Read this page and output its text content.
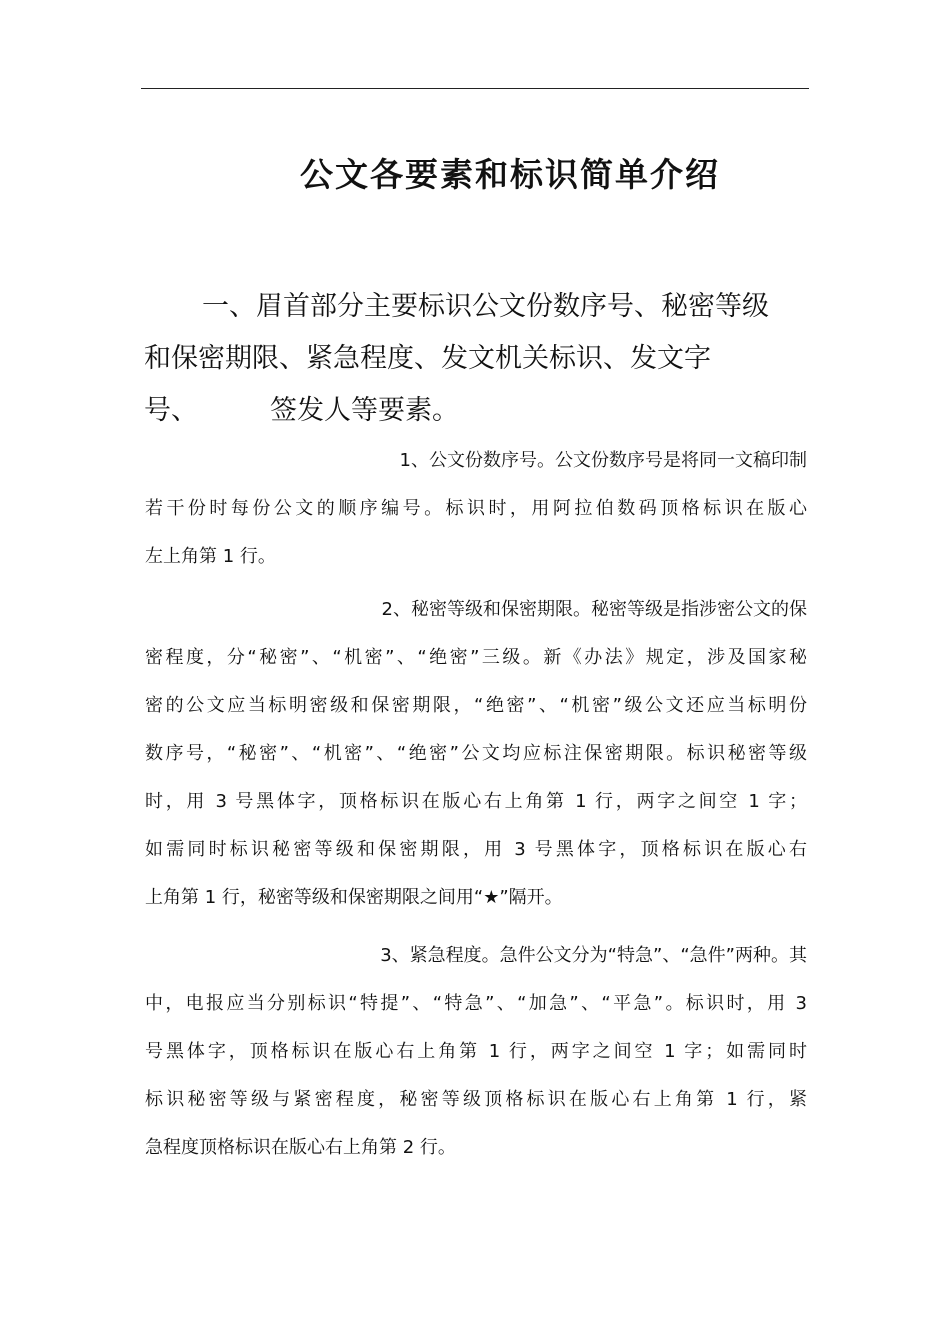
公文各要素和标识简单介绍
一、眉首部分主要标识公文份数序号、秘密等级
和保密期限、紧急程度、发文机关标识、发文字
号、	签发人等要素。
1、公文份数序号。公文份数序号是将同一文稿印制
若干份时每份公文的顺序编号。标识时，用阿拉伯数码顶格标识在版心
左上角第 1 行。
2、秘密等级和保密期限。秘密等级是指涉密公文的保
密程度，分“秘密”、“机密”、“绝密”三级。新《办法》规定，涉及国家秘
密的公文应当标明密级和保密期限，“绝密”、“机密”级公文还应当标明份
数序号，“秘密”、“机密”、“绝密”公文均应标注保密期限。标识秘密等级
时，用 3 号黑体字，顶格标识在版心右上角第 1 行，两字之间空 1 字；
如需同时标识秘密等级和保密期限，用 3 号黑体字，顶格标识在版心右
上角第 1 行，秘密等级和保密期限之间用“★”隔开。
3、紧急程度。急件公文分为“特急”、“急件”两种。其
中，电报应当分别标识“特提”、“特急”、“加急”、“平急”。标识时，用 3
号黑体字，顶格标识在版心右上角第 1 行，两字之间空 1 字；如需同时
标识秘密等级与紧密程度，秘密等级顶格标识在版心右上角第 1 行，紧
急程度顶格标识在版心右上角第 2 行。
